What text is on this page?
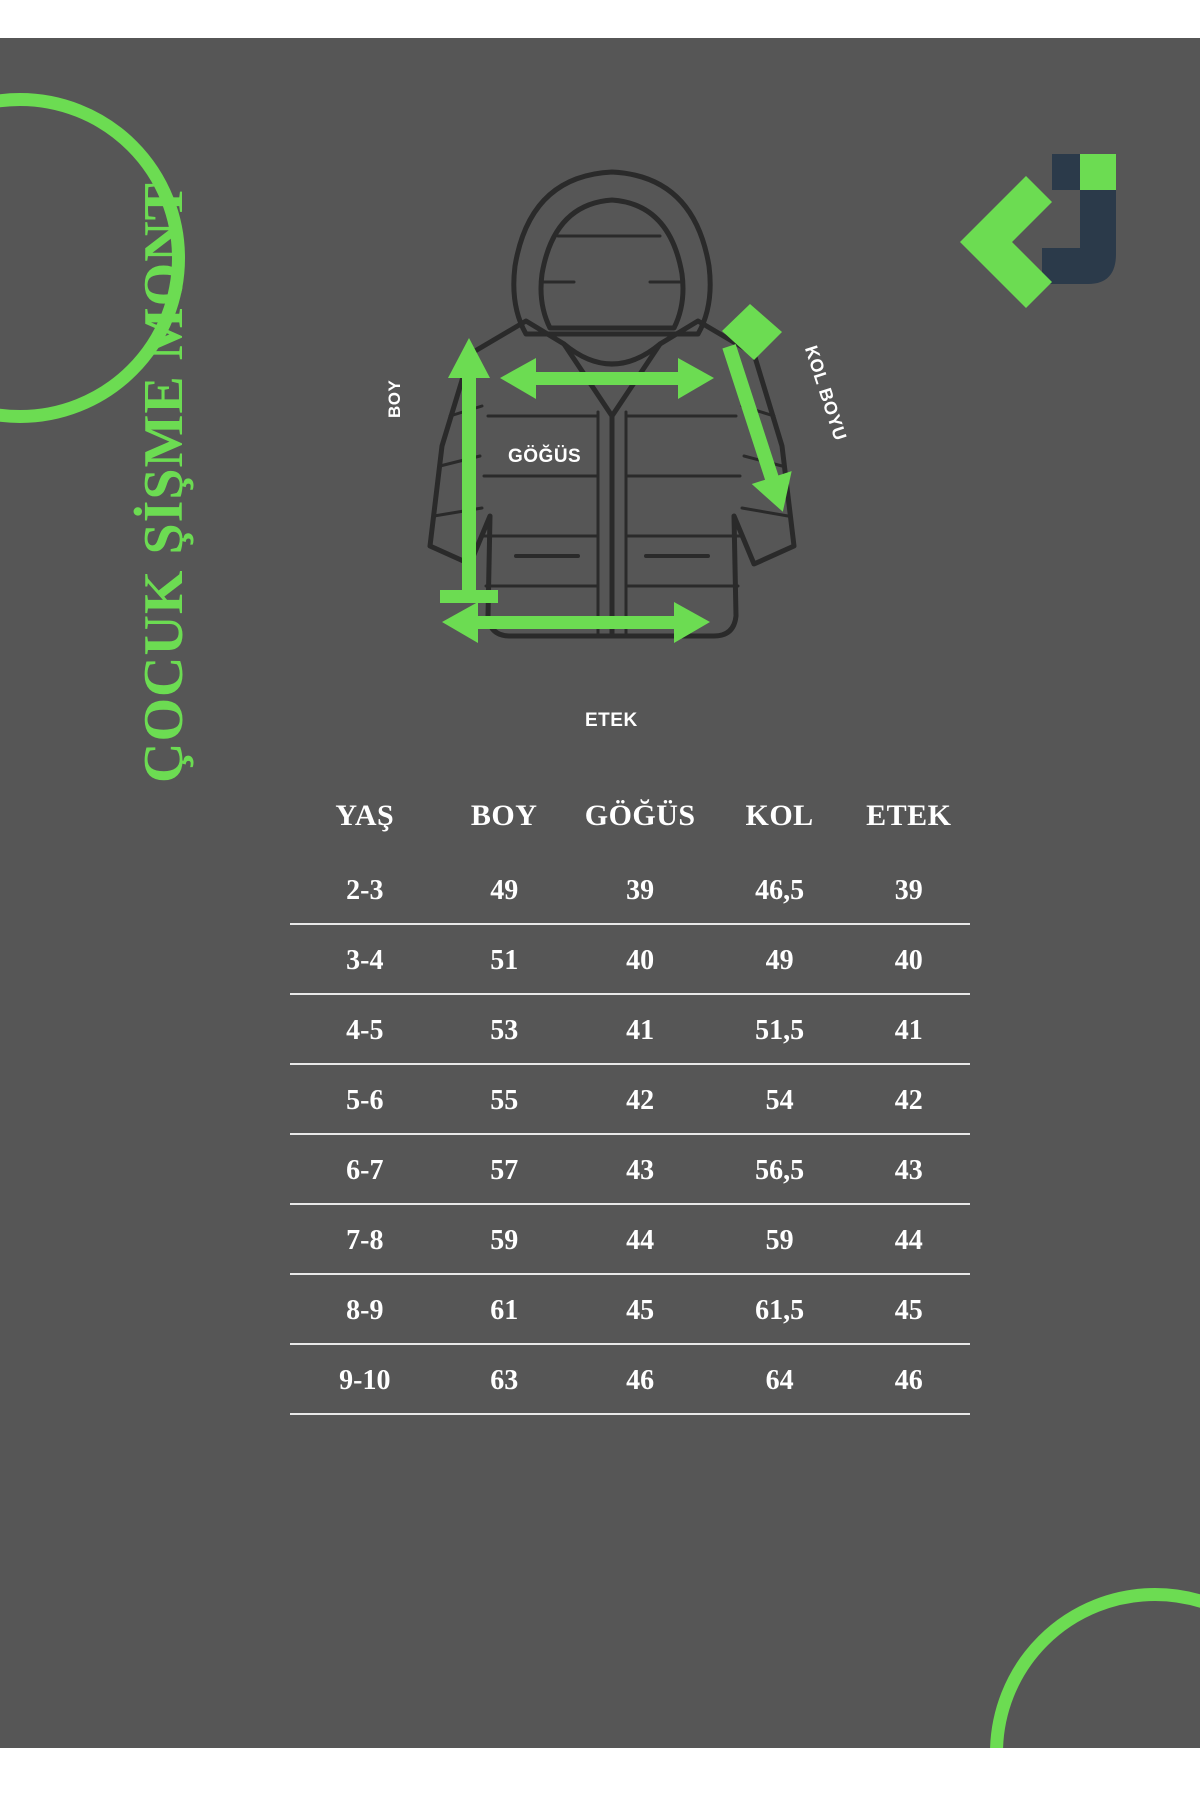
BOY
GÖĞÜS
KOL BOYU
ETEK
ÇOCUK ŞİŞME MONT
YAŞ	BOY	GÖĞÜS	KOL	ETEK
2-3	49	39	46,5	39
3-4	51	40	49	40
4-5	53	41	51,5	41
5-6	55	42	54	42
6-7	57	43	56,5	43
7-8	59	44	59	44
8-9	61	45	61,5	45
9-10	63	46	64	46
